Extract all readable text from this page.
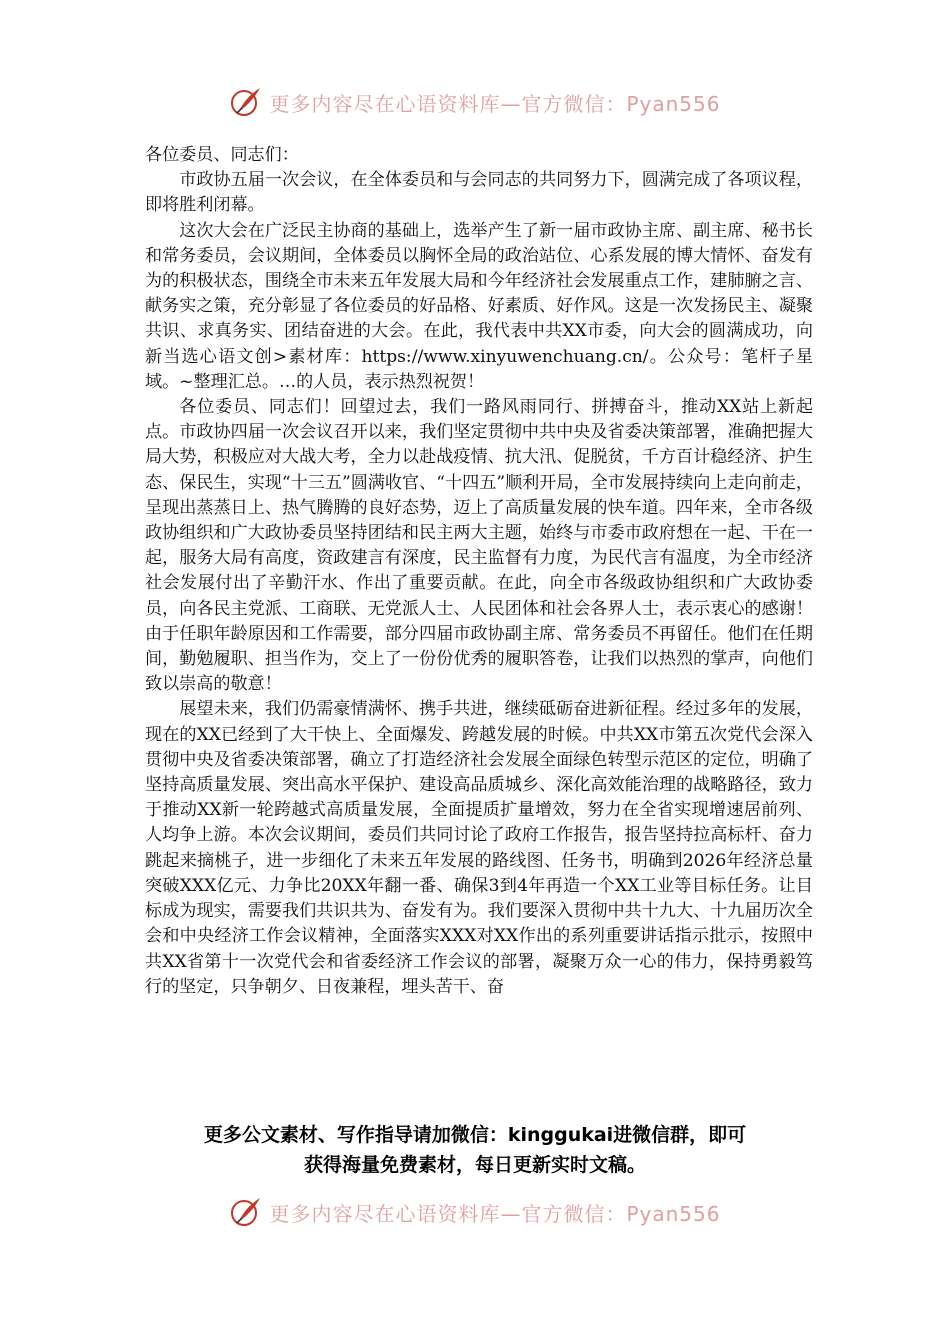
更多内容尽在心语资料库—官方微信：Pyan556

各位委员、同志们：

市政协五届一次会议，在全体委员和与会同志的共同努力下，圆满完成了各项议程，即将胜利闭幕。

这次大会在广泛民主协商的基础上，选举产生了新一届市政协主席、副主席、秘书长和常务委员，会议期间，全体委员以胸怀全局的政治站位、心系发展的博大情怀、奋发有为的积极状态，围绕全市未来五年发展大局和今年经济社会发展重点工作，建肺腑之言、献务实之策，充分彰显了各位委员的好品格、好素质、好作风。这是一次发扬民主、凝聚共识、求真务实、团结奋进的大会。在此，我代表中共XX市委，向大会的圆满成功，向新当选心语文创>素材库：https://www.xinyuwenchuang.cn/。公众号：笔杆子星域。~整理汇总。…的人员，表示热烈祝贺！

各位委员、同志们！回望过去，我们一路风雨同行、拼搏奋斗，推动XX站上新起点。市政协四届一次会议召开以来，我们坚定贯彻中共中央及省委决策部署，准确把握大局大势，积极应对大战大考，全力以赴战疫情、抗大汛、促脱贫，千方百计稳经济、护生态、保民生，实现“十三五”圆满收官、“十四五”顺利开局，全市发展持续向上走向前走，呈现出蒸蒸日上、热气腾腾的良好态势，迈上了高质量发展的快车道。四年来，全市各级政协组织和广大政协委员坚持团结和民主两大主题，始终与市委市政府想在一起、干在一起，服务大局有高度，资政建言有深度，民主监督有力度，为民代言有温度，为全市经济社会发展付出了辛勤汗水、作出了重要贡献。在此，向全市各级政协组织和广大政协委员，向各民主党派、工商联、无党派人士、人民团体和社会各界人士，表示衷心的感谢！由于任职年龄原因和工作需要，部分四届市政协副主席、常务委员不再留任。他们在任期间，勤勉履职、担当作为，交上了一份份优秀的履职答卷，让我们以热烈的掌声，向他们致以崇高的敬意！

展望未来，我们仍需豪情满怀、携手共进，继续砥砺奋进新征程。经过多年的发展，现在的XX已经到了大干快上、全面爆发、跨越发展的时候。中共XX市第五次党代会深入贯彻中央及省委决策部署，确立了打造经济社会发展全面绿色转型示范区的定位，明确了坚持高质量发展、突出高水平保护、建设高品质城乡、深化高效能治理的战略路径，致力于推动XX新一轮跨越式高质量发展，全面提质扩量增效，努力在全省实现增速居前列、人均争上游。本次会议期间，委员们共同讨论了政府工作报告，报告坚持拉高标杆、奋力跳起来摘桃子，进一步细化了未来五年发展的路线图、任务书，明确到2026年经济总量突破XXX亿元、力争比20XX年翻一番、确保3到4年再造一个XX工业等目标任务。让目标成为现实，需要我们共识共为、奋发有为。我们要深入贯彻中共十九大、十九届历次全会和中央经济工作会议精神，全面落实XXX对XX作出的系列重要讲话指示批示，按照中共XX省第十一次党代会和省委经济工作会议的部署，凝聚万众一心的伟力，保持勇毅笃行的坚定，只争朝夕、日夜兼程，埋头苦干、奋

更多公文素材、写作指导请加微信：kinggukai进微信群，即可
获得海量免费素材，每日更新实时文稿。
更多内容尽在心语资料库—官方微信：Pyan556
